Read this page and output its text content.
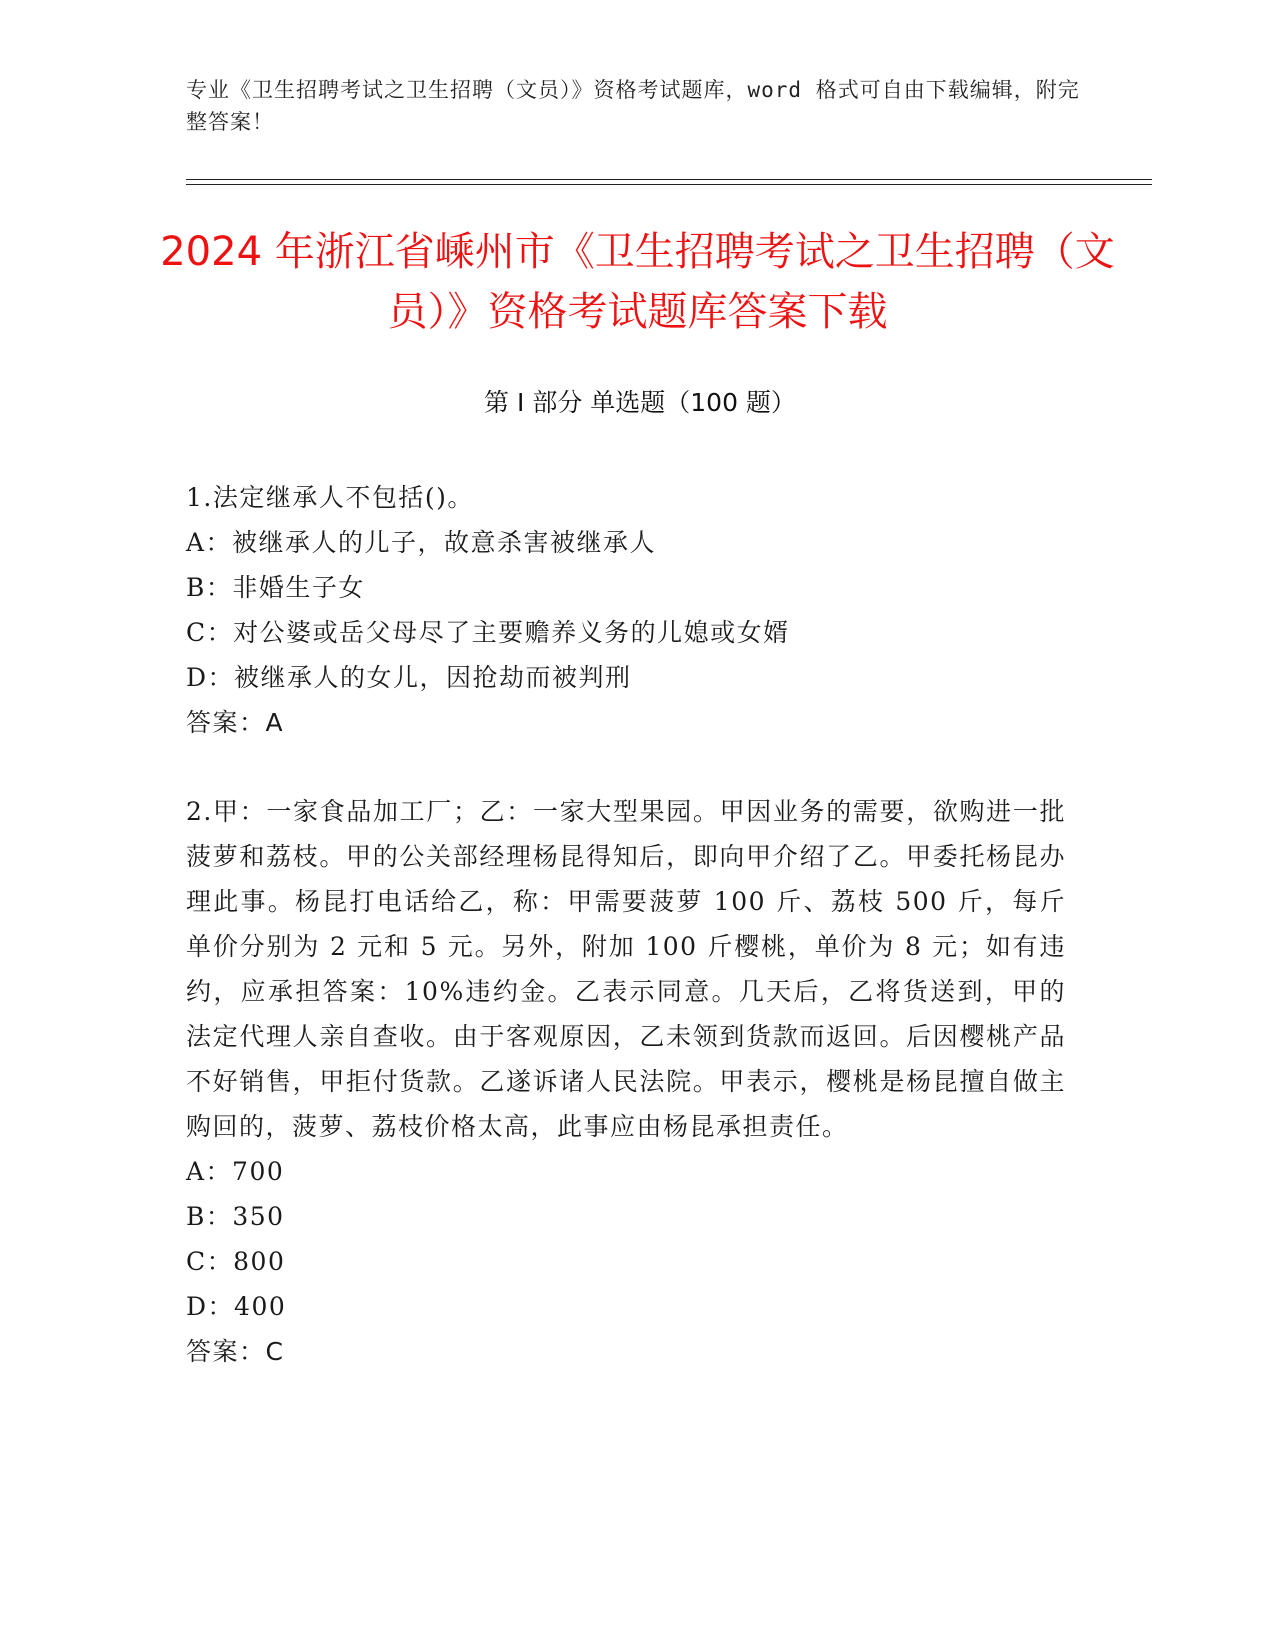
专业《卫生招聘考试之卫生招聘（文员）》资格考试题库，word 格式可自由下载编辑，附完整答案！
2024 年浙江省嵊州市《卫生招聘考试之卫生招聘（文员）》资格考试题库答案下载
第 I 部分 单选题（100 题）
1.法定继承人不包括()。
A：被继承人的儿子，故意杀害被继承人
B：非婚生子女
C：对公婆或岳父母尽了主要赡养义务的儿媳或女婿
D：被继承人的女儿，因抢劫而被判刑
答案：A
2.甲：一家食品加工厂；乙：一家大型果园。甲因业务的需要，欲购进一批菠萝和荔枝。甲的公关部经理杨昆得知后，即向甲介绍了乙。甲委托杨昆办理此事。杨昆打电话给乙，称：甲需要菠萝 100 斤、荔枝 500 斤，每斤单价分别为 2 元和 5 元。另外，附加 100 斤樱桃，单价为 8 元；如有违约，应承担答案：10%违约金。乙表示同意。几天后，乙将货送到，甲的法定代理人亲自查收。由于客观原因，乙未领到货款而返回。后因樱桃产品不好销售，甲拒付货款。乙遂诉诸人民法院。甲表示，樱桃是杨昆擅自做主购回的，菠萝、荔枝价格太高，此事应由杨昆承担责任。
A：700
B：350
C：800
D：400
答案：C
